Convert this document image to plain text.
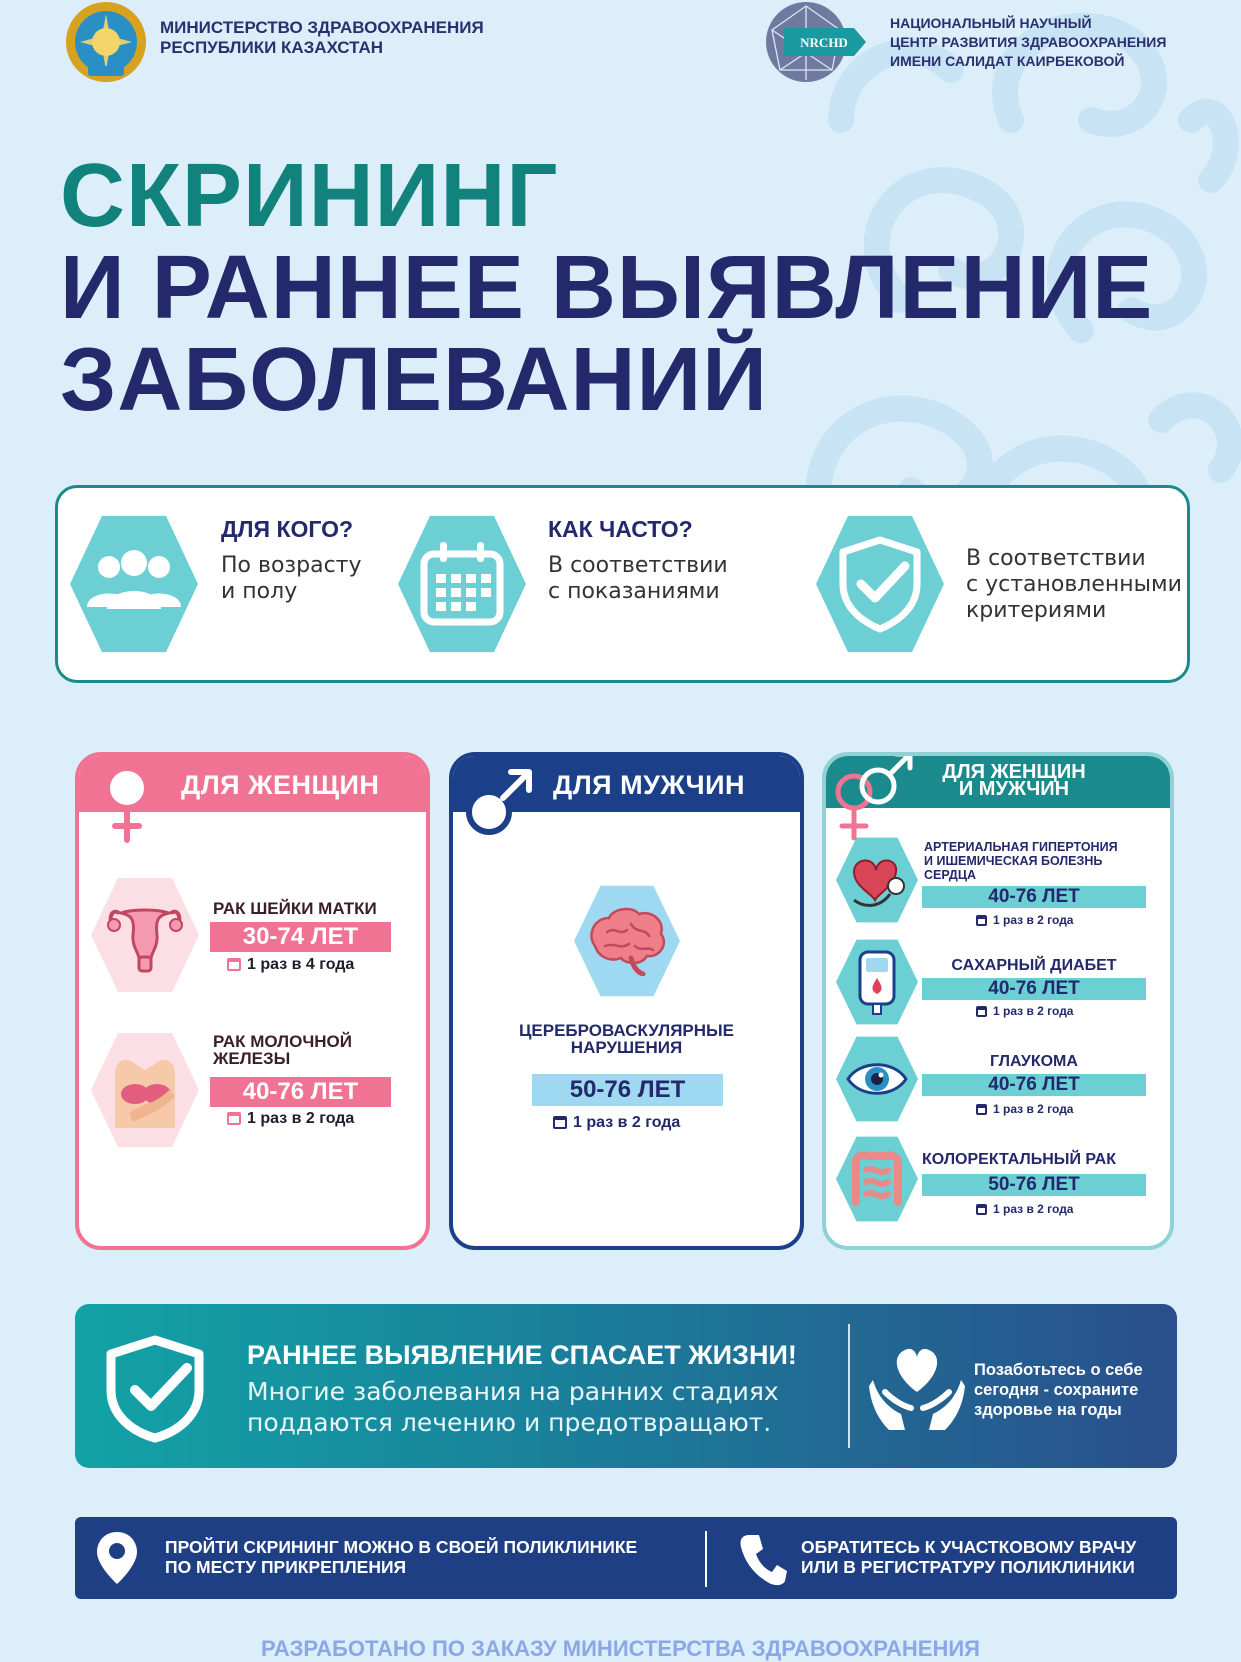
МИНИСТЕРСТВО ЗДРАВООХРАНЕНИЯ
РЕСПУБЛИКИ КАЗАХСТАН	NRCHD
НАЦИОНАЛЬНЫЙ НАУЧНЫЙ
ЦЕНТР РАЗВИТИЯ ЗДРАВООХРАНЕНИЯ
ИМЕНИ САЛИДАТ КАИРБЕКОВОЙ
СКРИНИНГ
И РАННЕЕ ВЫЯВЛЕНИЕ
ЗАБОЛЕВАНИЙ
ДЛЯ КОГО?
По возрасту
и полу
КАК ЧАСТО?
В соответствии
с показаниями
В соответствии
с установленными
критериями
ДЛЯ ЖЕНЩИН
РАК ШЕЙКИ МАТКИ
30-74 ЛЕТ
1 раз в 4 года
РАК МОЛОЧНОЙ
ЖЕЛЕЗЫ
40-76 ЛЕТ
1 раз в 2 года
ДЛЯ МУЖЧИН
ЦЕРЕБРОВАСКУЛЯРНЫЕ
НАРУШЕНИЯ
50-76 ЛЕТ
1 раз в 2 года
ДЛЯ ЖЕНЩИН
И МУЖЧИН
АРТЕРИАЛЬНАЯ ГИПЕРТОНИЯ
И ИШЕМИЧЕСКАЯ БОЛЕЗНЬ
СЕРДЦА
40-76 ЛЕТ
1 раз в 2 года
САХАРНЫЙ ДИАБЕТ
40-76 ЛЕТ
1 раз в 2 года
ГЛАУКОМА
40-76 ЛЕТ
1 раз в 2 года
КОЛОРЕКТАЛЬНЫЙ РАК
50-76 ЛЕТ
1 раз в 2 года
РАННЕЕ ВЫЯВЛЕНИЕ СПАСАЕТ ЖИЗНИ!
Многие заболевания на ранних стадиях
поддаются лечению и предотвращают.
Позаботьтесь о себе
сегодня - сохраните
здоровье на годы
ПРОЙТИ СКРИНИНГ МОЖНО В СВОЕЙ ПОЛИКЛИНИКЕ
ПО МЕСТУ ПРИКРЕПЛЕНИЯ
ОБРАТИТЕСЬ К УЧАСТКОВОМУ ВРАЧУ
ИЛИ В РЕГИСТРАТУРУ ПОЛИКЛИНИКИ
РАЗРАБОТАНО ПО ЗАКАЗУ МИНИСТЕРСТВА ЗДРАВООХРАНЕНИЯ
